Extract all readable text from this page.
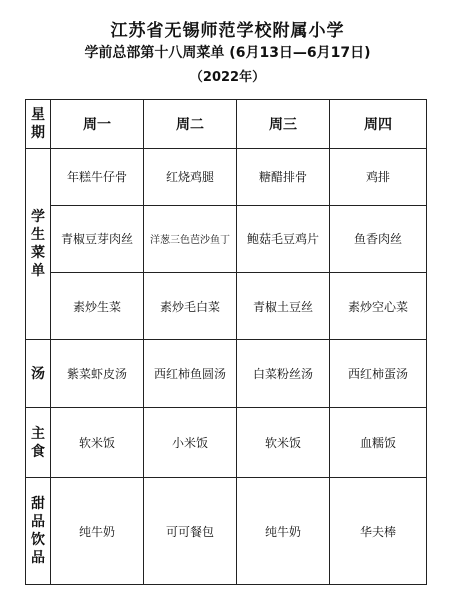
江苏省无锡师范学校附属小学
学前总部第十八周菜单 (6月13日—6月17日)
（2022年）
星期	周一	周二	周三	周四
学生菜单	年糕牛仔骨	红烧鸡腿	糖醋排骨	鸡排
	青椒豆芽肉丝	洋葱三色芭沙鱼丁	鲍菇毛豆鸡片	鱼香肉丝
	素炒生菜	素炒毛白菜	青椒土豆丝	素炒空心菜
汤	紫菜虾皮汤	西红柿鱼圆汤	白菜粉丝汤	西红柿蛋汤
主食	软米饭	小米饭	软米饭	血糯饭
甜品饮品	纯牛奶	可可餐包	纯牛奶	华夫棒
